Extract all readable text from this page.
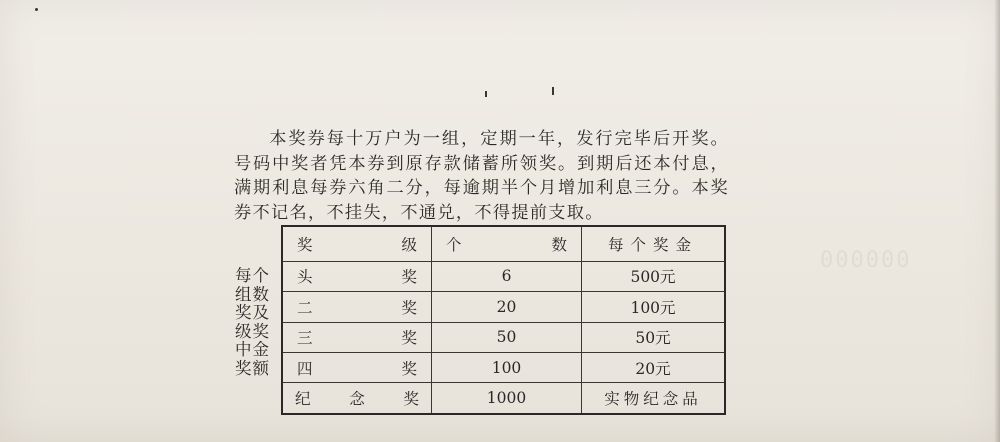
000000

本奖券每十万户为一组，定期一年，发行完毕后开奖。号码中奖者凭本券到原存款储蓄所领奖。到期后还本付息，满期利息每券六角二分，每逾期半个月增加利息三分。本奖券不记名，不挂失，不通兑，不得提前支取。

每个
组数
奖及
级奖
中金
奖额
奖 级	个 数	每个奖金

头 奖	6	500元

二 奖	20	100元

三 奖	50	50元

四 奖	100	20元

纪 念 奖	1000	实物纪念品
